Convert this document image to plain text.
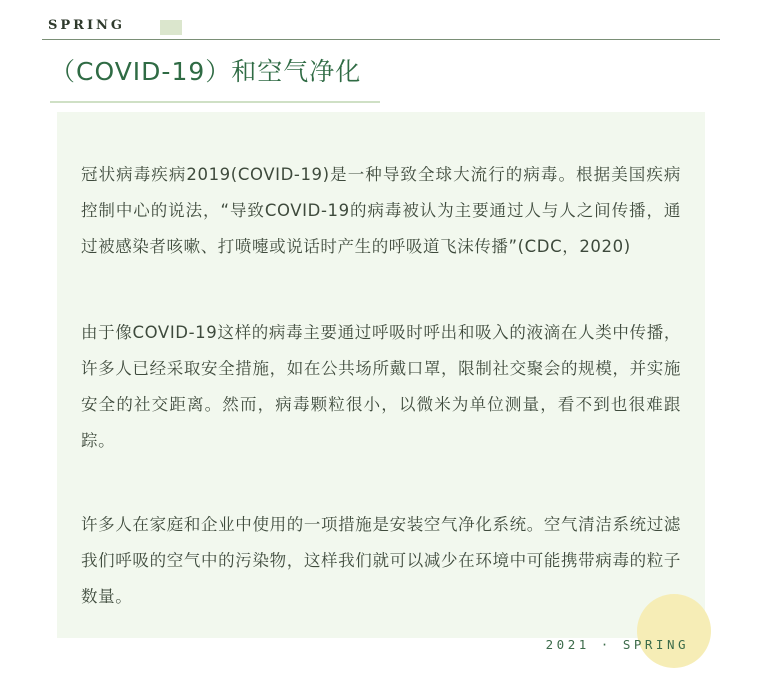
SPRING
（COVID-19）和空气净化

冠状病毒疾病2019(COVID-19)是一种导致全球大流行的病毒。根据美国疾病控制中心的说法，“导致COVID-19的病毒被认为主要通过人与人之间传播，通过被感染者咳嗽、打喷嚏或说话时产生的呼吸道飞沫传播”(CDC，2020)

由于像COVID-19这样的病毒主要通过呼吸时呼出和吸入的液滴在人类中传播，许多人已经采取安全措施，如在公共场所戴口罩，限制社交聚会的规模，并实施安全的社交距离。然而，病毒颗粒很小，以微米为单位测量，看不到也很难跟踪。

许多人在家庭和企业中使用的一项措施是安装空气净化系统。空气清洁系统过滤我们呼吸的空气中的污染物，这样我们就可以减少在环境中可能携带病毒的粒子数量。

2021 · SPRING
